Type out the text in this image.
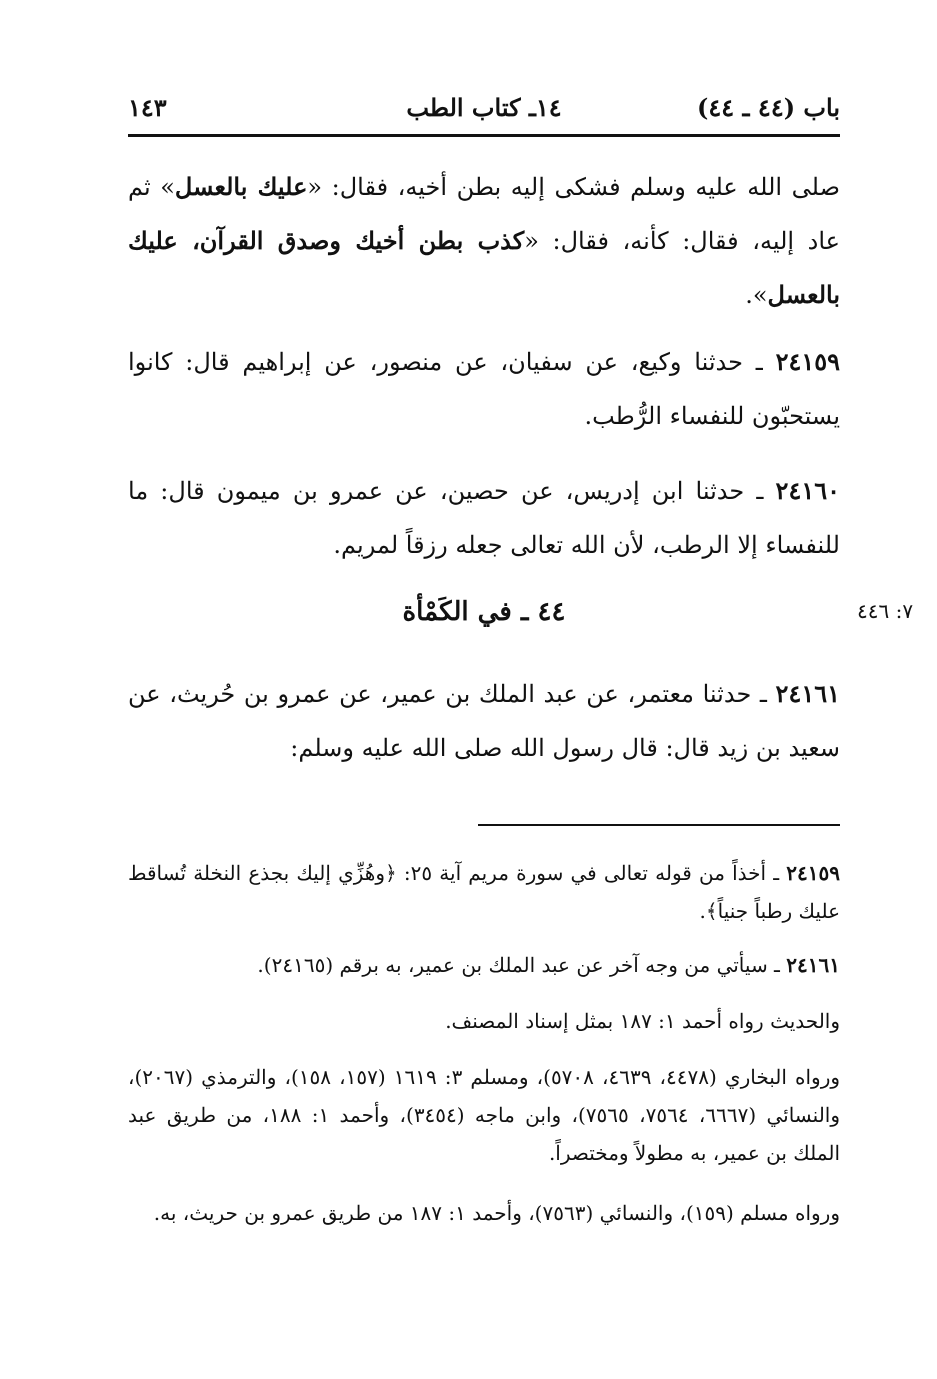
١٤٣	١٤ـ كتاب الطب	باب (٤٤ ـ ٤٤)

صلى الله عليه وسلم فشكى إليه بطن أخيه، فقال: «عليك بالعسل» ثم عاد إليه، فقال: كأنه، فقال: «كذب بطن أخيك وصدق القرآن، عليك بالعسل».

٢٤١٥٩ ـ حدثنا وكيع، عن سفيان، عن منصور، عن إبراهيم قال: كانوا يستحبّون للنفساء الرُّطب.

٢٤١٦٠ ـ حدثنا ابن إدريس، عن حصين، عن عمرو بن ميمون قال: ما للنفساء إلا الرطب، لأن الله تعالى جعله رزقاً لمريم.

٤٤ ـ في الكَمْأة	٧: ٤٤٦

٢٤١٦١ ـ حدثنا معتمر، عن عبد الملك بن عمير، عن عمرو بن حُريث، عن سعيد بن زيد قال: قال رسول الله صلى الله عليه وسلم:

٢٤١٥٩ ـ أخذاً من قوله تعالى في سورة مريم آية ٢٥: ﴿وهُزِّي إليك بجذع النخلة تُساقط عليك رطباً جنياً﴾.

٢٤١٦١ ـ سيأتي من وجه آخر عن عبد الملك بن عمير، به برقم (٢٤١٦٥).

والحديث رواه أحمد ١: ١٨٧ بمثل إسناد المصنف.

ورواه البخاري (٤٤٧٨، ٤٦٣٩، ٥٧٠٨)، ومسلم ٣: ١٦١٩ (١٥٧، ١٥٨)، والترمذي (٢٠٦٧)، والنسائي (٦٦٦٧، ٧٥٦٤، ٧٥٦٥)، وابن ماجه (٣٤٥٤)، وأحمد ١: ١٨٨، من طريق عبد الملك بن عمير، به مطولاً ومختصراً.

ورواه مسلم (١٥٩)، والنسائي (٧٥٦٣)، وأحمد ١: ١٨٧ من طريق عمرو بن حريث، به.
